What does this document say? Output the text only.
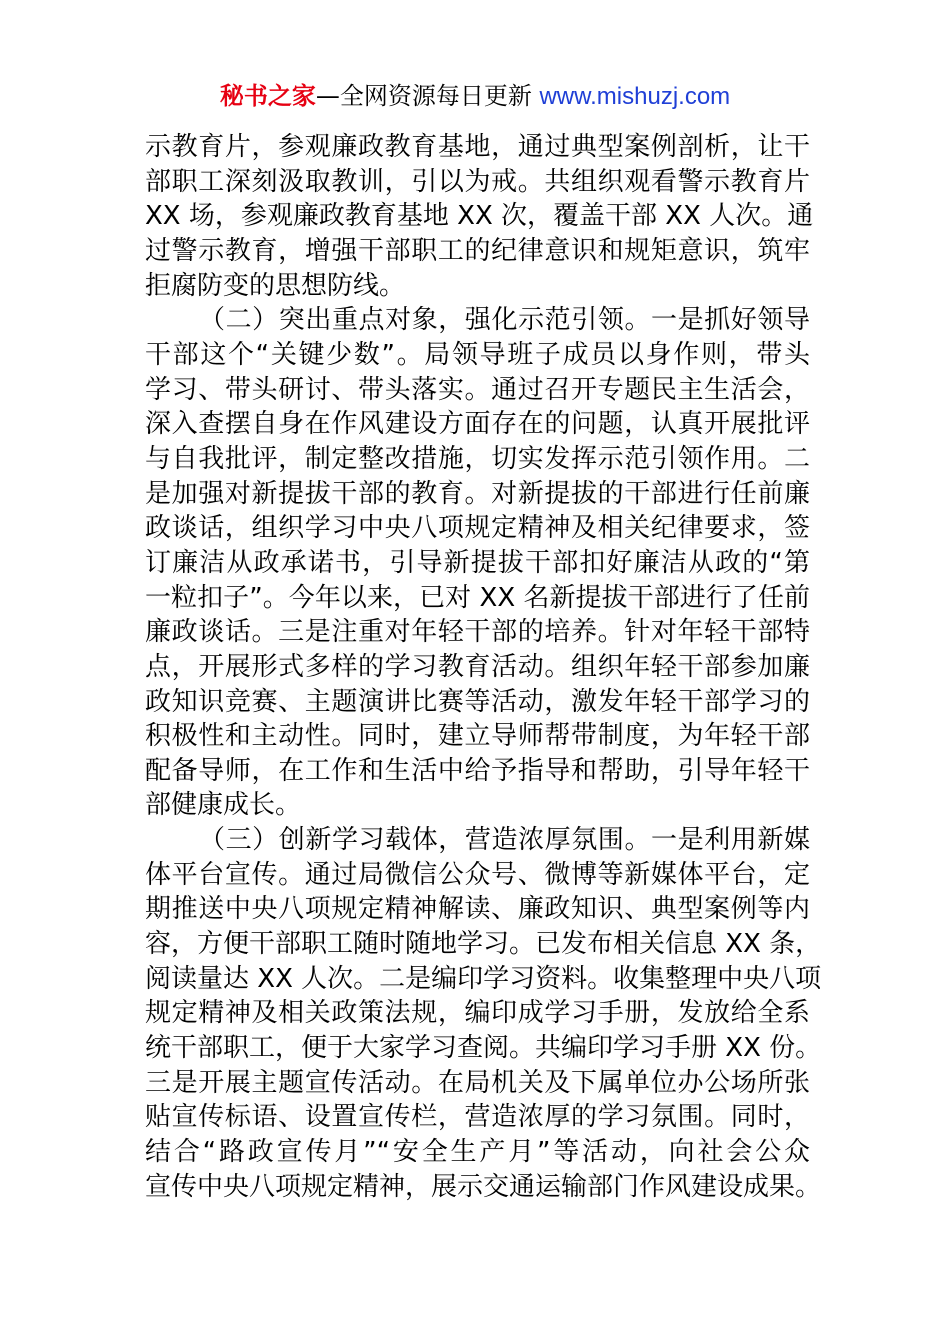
秘书之家—全网资源每日更新 www.mishuzj.com
示教育片，参观廉政教育基地，通过典型案例剖析，让干
部职工深刻汲取教训，引以为戒。共组织观看警示教育片
XX 场，参观廉政教育基地 XX 次，覆盖干部 XX 人次。通
过警示教育，增强干部职工的纪律意识和规矩意识，筑牢
拒腐防变的思想防线。
（二）突出重点对象，强化示范引领。一是抓好领导
干部这个“关键少数”。局领导班子成员以身作则，带头
学习、带头研讨、带头落实。通过召开专题民主生活会，
深入查摆自身在作风建设方面存在的问题，认真开展批评
与自我批评，制定整改措施，切实发挥示范引领作用。二
是加强对新提拔干部的教育。对新提拔的干部进行任前廉
政谈话，组织学习中央八项规定精神及相关纪律要求，签
订廉洁从政承诺书，引导新提拔干部扣好廉洁从政的“第
一粒扣子”。今年以来，已对 XX 名新提拔干部进行了任前
廉政谈话。三是注重对年轻干部的培养。针对年轻干部特
点，开展形式多样的学习教育活动。组织年轻干部参加廉
政知识竞赛、主题演讲比赛等活动，激发年轻干部学习的
积极性和主动性。同时，建立导师帮带制度，为年轻干部
配备导师，在工作和生活中给予指导和帮助，引导年轻干
部健康成长。
（三）创新学习载体，营造浓厚氛围。一是利用新媒
体平台宣传。通过局微信公众号、微博等新媒体平台，定
期推送中央八项规定精神解读、廉政知识、典型案例等内
容，方便干部职工随时随地学习。已发布相关信息 XX 条，
阅读量达 XX 人次。二是编印学习资料。收集整理中央八项
规定精神及相关政策法规，编印成学习手册，发放给全系
统干部职工，便于大家学习查阅。共编印学习手册 XX 份。
三是开展主题宣传活动。在局机关及下属单位办公场所张
贴宣传标语、设置宣传栏，营造浓厚的学习氛围。同时，
结合“路政宣传月”“安全生产月”等活动，向社会公众
宣传中央八项规定精神，展示交通运输部门作风建设成果。
